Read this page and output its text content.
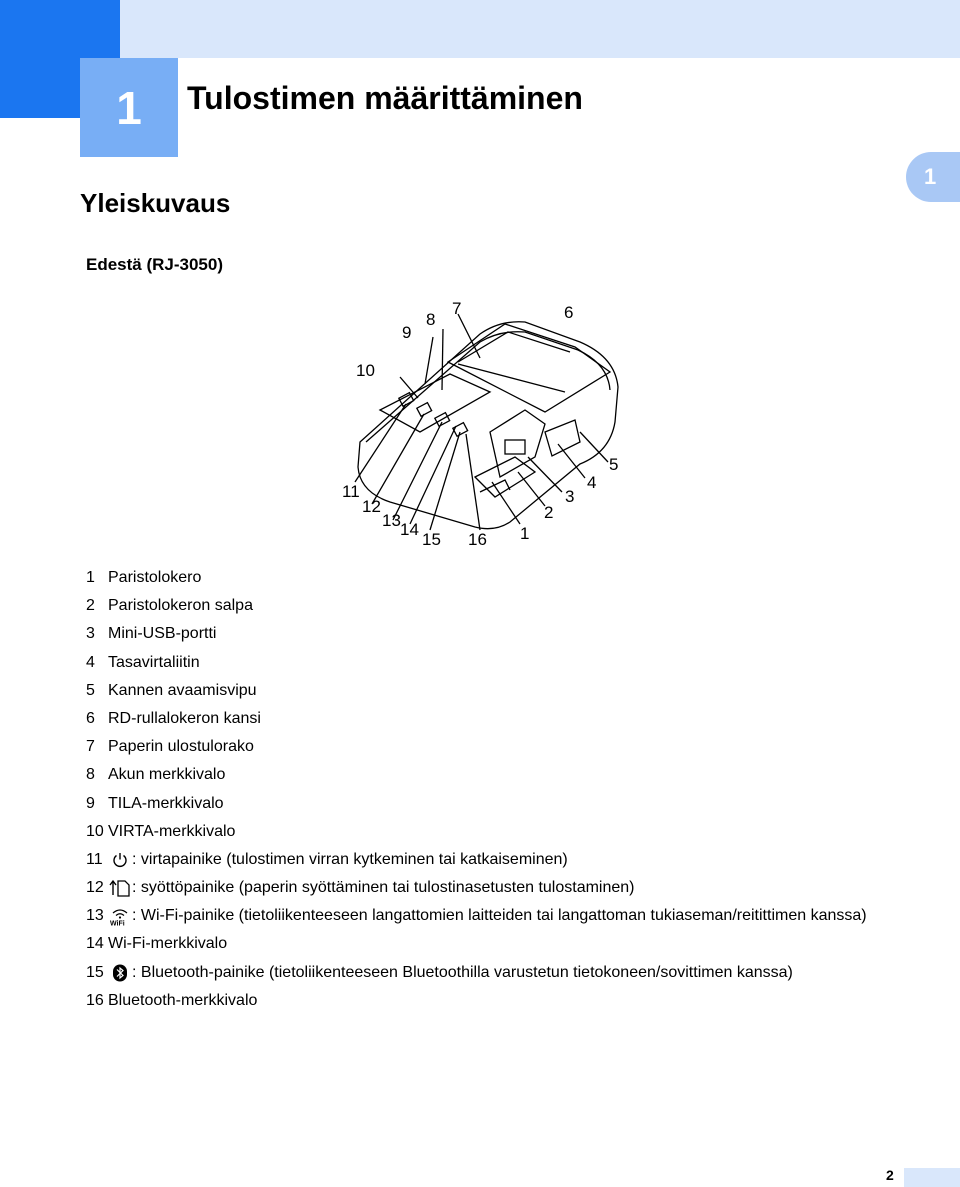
1	Tulostimen määrittäminen
1
Yleiskuvaus
Edestä (RJ-3050)
6
7
8
9
10
5
4
3
2
1
11
12
13 14
15 16
1 Paristolokero
2 Paristolokeron salpa
3 Mini-USB-portti
4 Tasavirtaliitin
5 Kannen avaamisvipu
6 RD-rullalokeron kansi
7 Paperin ulostulorako
8 Akun merkkivalo
9 TILA-merkkivalo
10 VIRTA-merkkivalo
11	: virtapainike (tulostimen virran kytkeminen tai katkaiseminen)
12 : syöttöpainike (paperin syöttäminen tai tulostinasetusten tulostaminen)
13 WiFi : Wi-Fi-painike (tietoliikenteeseen langattomien laitteiden tai langattoman tukiaseman/reitittimen kanssa)
14 Wi-Fi-merkkivalo
15 : Bluetooth-painike (tietoliikenteeseen Bluetoothilla varustetun tietokoneen/sovittimen kanssa)
16 Bluetooth-merkkivalo
2
